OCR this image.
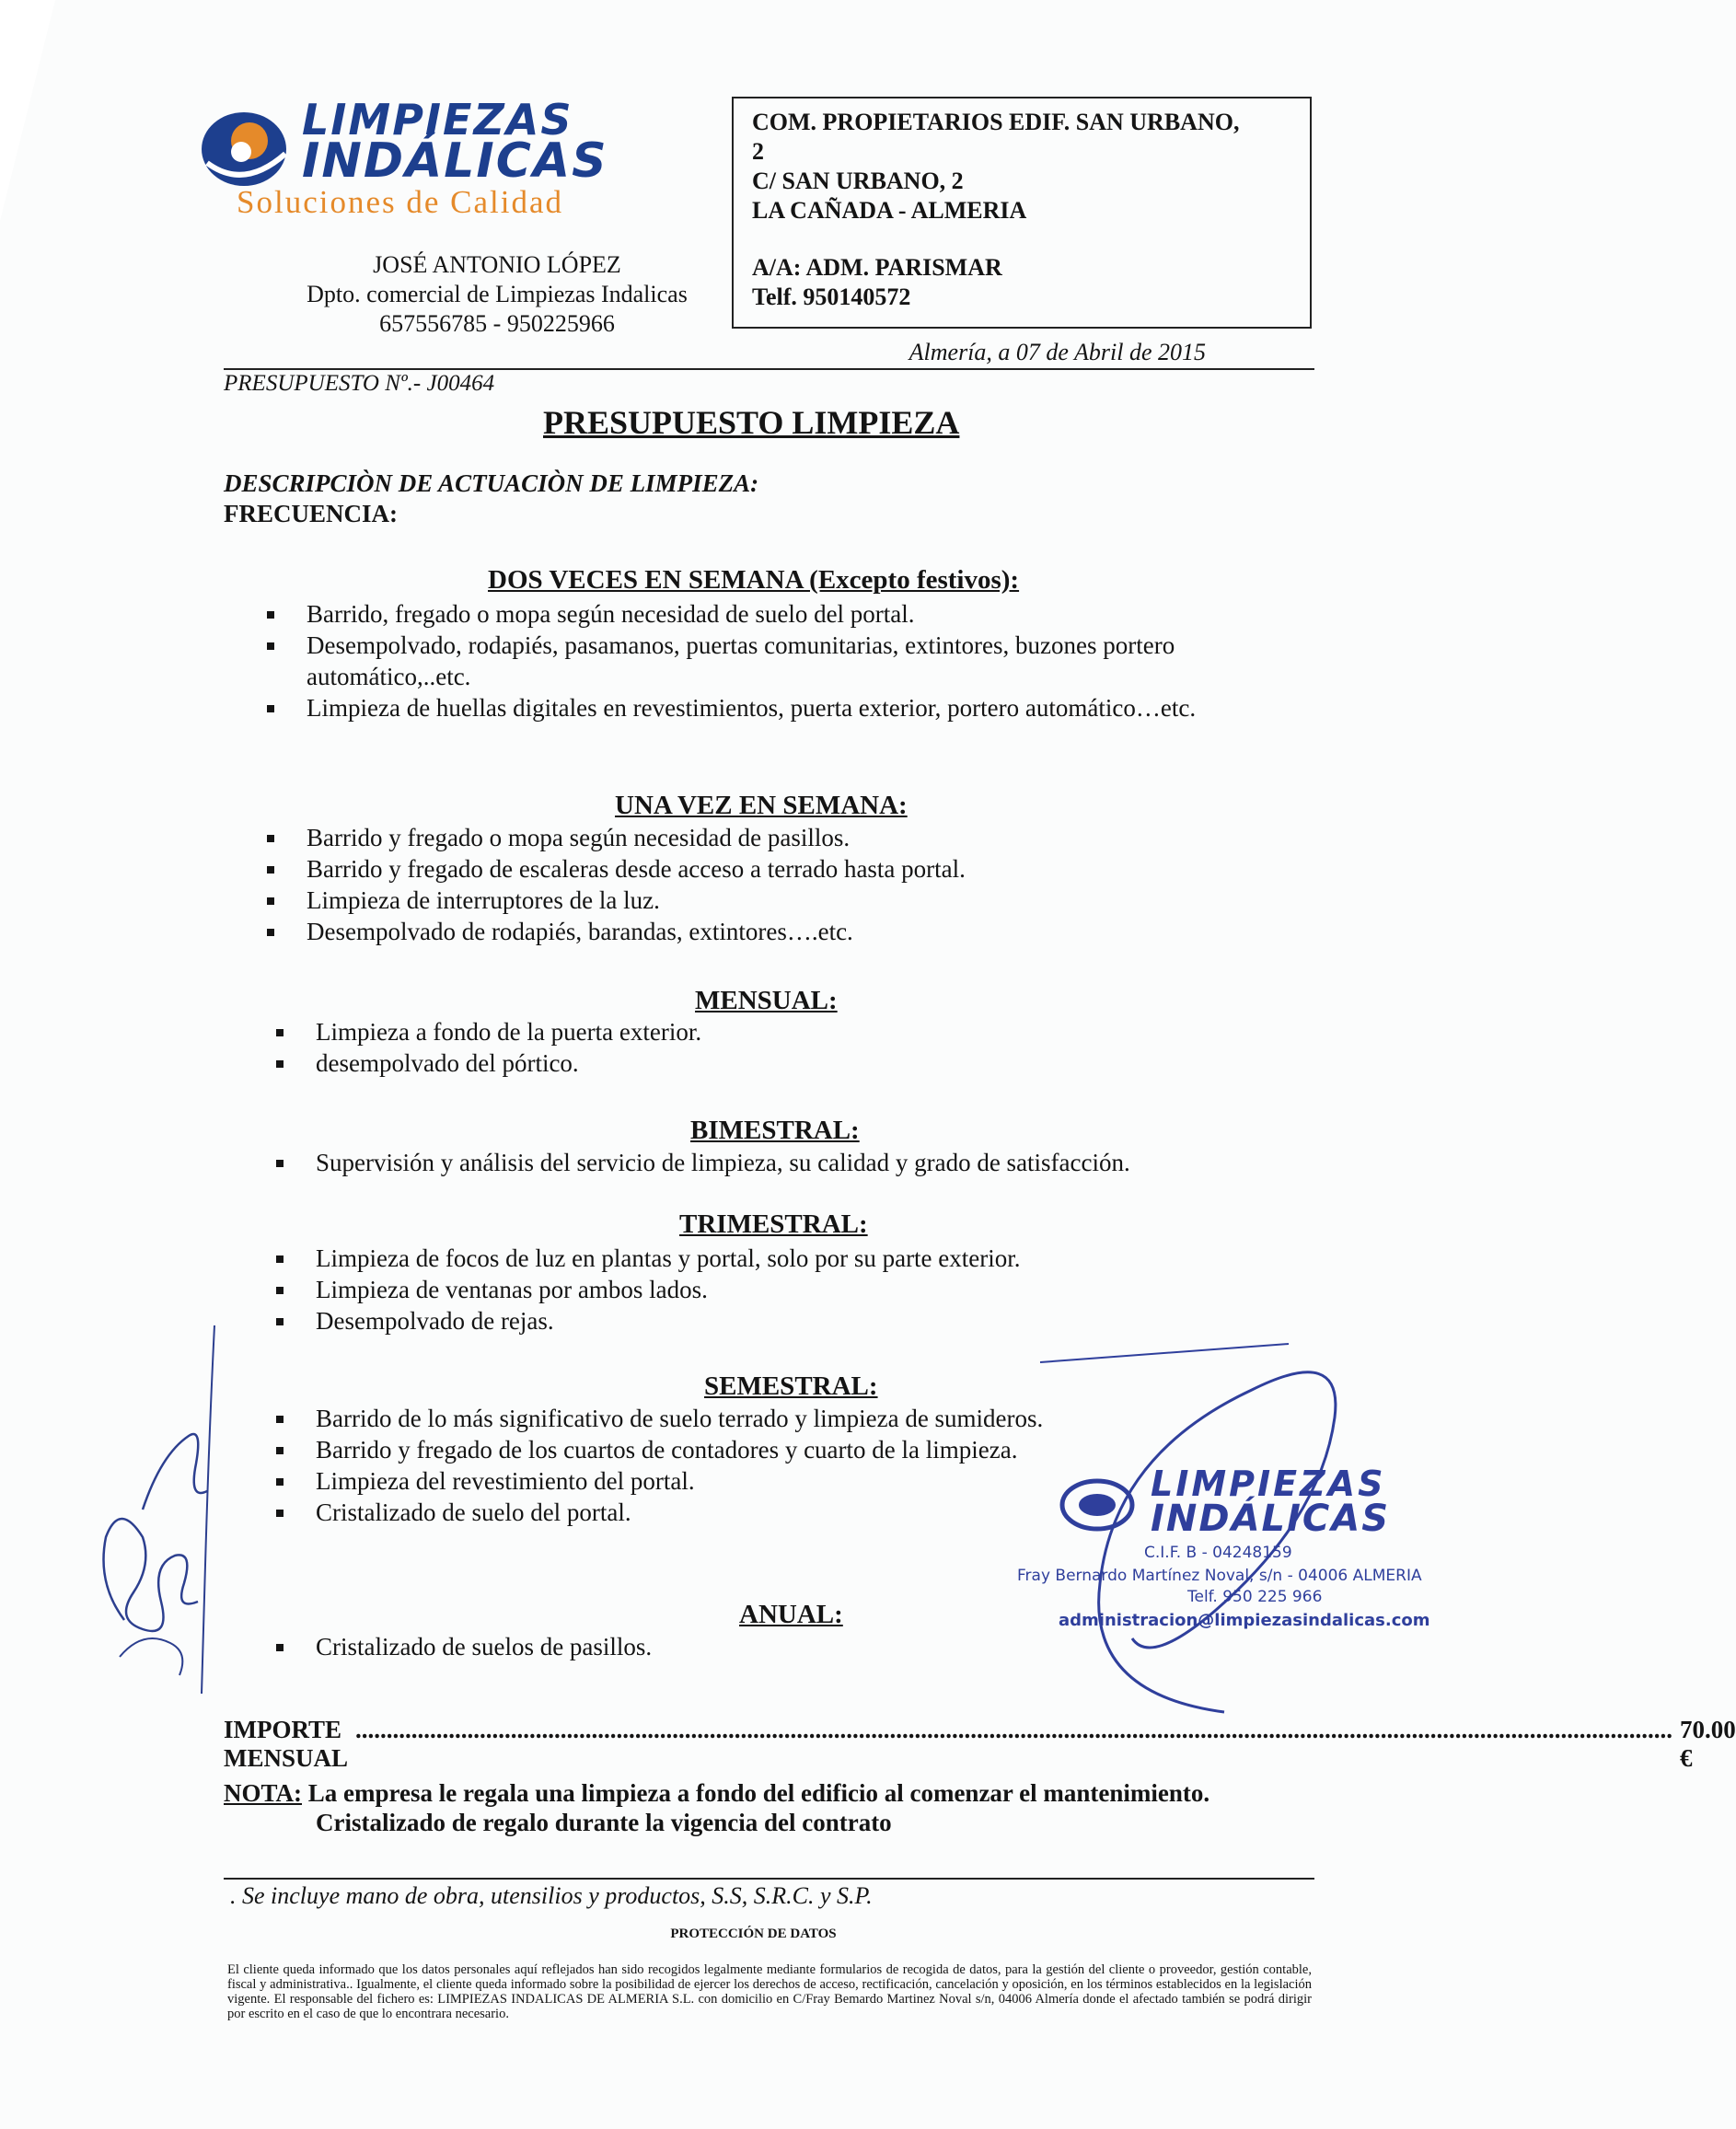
LIMPIEZAS
INDÁLICAS
Soluciones de Calidad
JOSÉ ANTONIO LÓPEZ
Dpto. comercial de Limpiezas Indalicas
657556785 - 950225966
COM. PROPIETARIOS EDIF. SAN URBANO,
2
C/ SAN URBANO, 2
LA CAÑADA - ALMERIA
A/A: ADM. PARISMAR
Telf. 950140572
Almería, a 07 de Abril de 2015
PRESUPUESTO Nº.- J00464
PRESUPUESTO LIMPIEZA
DESCRIPCIÒN DE ACTUACIÒN DE LIMPIEZA:
FRECUENCIA:
DOS VECES EN SEMANA (Excepto festivos):
Barrido, fregado o mopa según necesidad de suelo del portal.
Desempolvado, rodapiés, pasamanos, puertas comunitarias, extintores, buzones portero automático,..etc.
Limpieza de huellas digitales en revestimientos, puerta exterior, portero automático…etc.
UNA VEZ EN SEMANA:
Barrido y fregado o mopa según necesidad de pasillos.
Barrido y fregado de escaleras desde acceso a terrado hasta portal.
Limpieza de interruptores de la luz.
Desempolvado de rodapiés, barandas, extintores….etc.
MENSUAL:
Limpieza a fondo de la puerta exterior.
desempolvado del pórtico.
BIMESTRAL:
Supervisión y análisis del servicio de limpieza, su calidad y grado de satisfacción.
TRIMESTRAL:
Limpieza de focos de luz en plantas y portal, solo por su parte exterior.
Limpieza de ventanas por ambos lados.
Desempolvado de rejas.
SEMESTRAL:
Barrido de lo más significativo de suelo terrado y limpieza de sumideros.
Barrido y fregado de los cuartos de contadores y cuarto de la limpieza.
Limpieza del revestimiento del portal.
Cristalizado de suelo del portal.
ANUAL:
Cristalizado de suelos de pasillos.
IMPORTE MENSUAL
.................................................................................................................................................................................................................... 70.00 €
NOTA: La empresa le regala una limpieza a fondo del edificio al comenzar el mantenimiento.
Cristalizado de regalo durante la vigencia del contrato
. Se incluye mano de obra, utensilios y productos, S.S, S.R.C. y S.P.
PROTECCIÓN DE DATOS
El cliente queda informado que los datos personales aquí reflejados han sido recogidos legalmente mediante formularios de recogida de datos, para la gestión del cliente o proveedor, gestión contable, fiscal y administrativa.. Igualmente, el cliente queda informado sobre la posibilidad de ejercer los derechos de acceso, rectificación, cancelación y oposición, en los términos establecidos en la legislación vigente. El responsable del fichero es: LIMPIEZAS INDALICAS DE ALMERIA S.L. con domicilio en C/Fray Bemardo Martinez Noval s/n, 04006 Almería donde el afectado también se podrá dirigir por escrito en el caso de que lo encontrara necesario.
LIMPIEZAS
INDÁLICAS
C.I.F. B - 04248159
Fray Bernardo Martínez Noval, s/n - 04006 ALMERIA
Telf. 950 225 966
administracion@limpiezasindalicas.com
